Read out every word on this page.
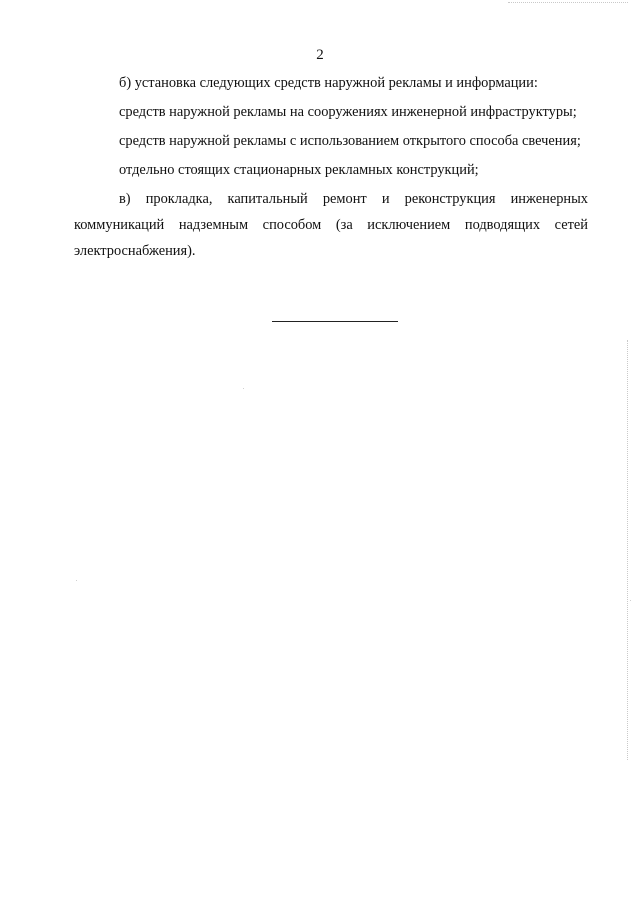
2

б) установка следующих средств наружной рекламы и информации:

средств наружной рекламы на сооружениях инженерной инфраструктуры;

средств наружной рекламы с использованием открытого способа свечения;

отдельно стоящих стационарных рекламных конструкций;

в) прокладка, капитальный ремонт и реконструкция инженерных коммуникаций надземным способом (за исключением подводящих сетей электроснабжения).
